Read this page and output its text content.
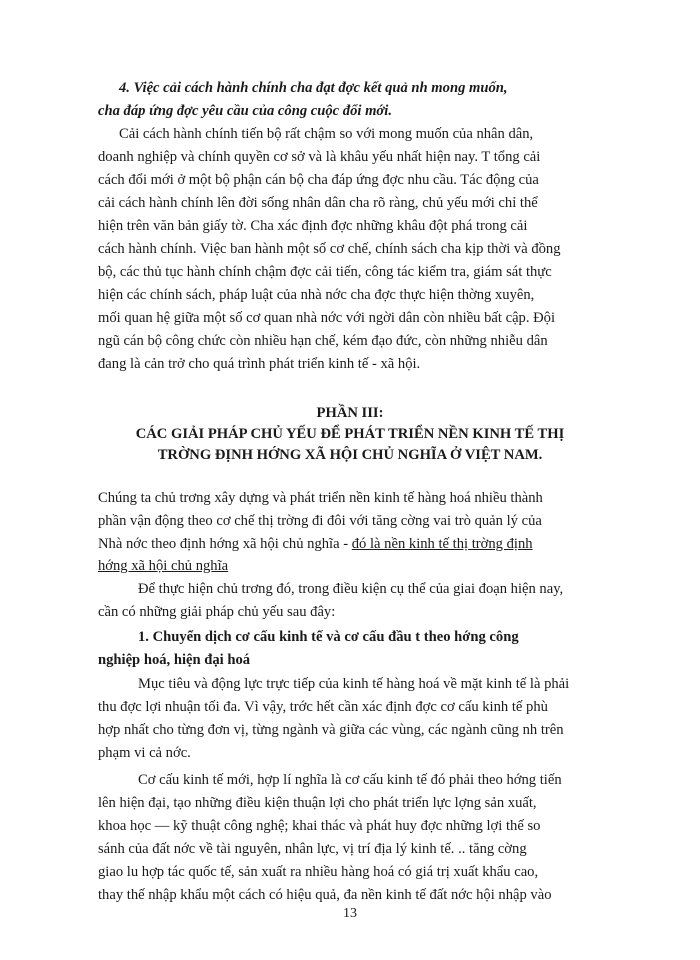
4. Việc cải cách hành chính cha đạt đợc kết quả nh mong muốn,
cha đáp ứng đợc yêu cầu của công cuộc đổi mới.
Cải cách hành chính tiến bộ rất chậm so với mong muốn của nhân dân,
doanh nghiệp và chính quyền cơ sở và là khâu yếu nhất hiện nay. T tổng cải
cách đổi mới ở một bộ phận cán bộ cha đáp ứng đợc nhu cầu. Tác động của
cải cách hành chính lên đời sống nhân dân cha rõ ràng, chủ yếu mới chỉ thể
hiện trên văn bản giấy tờ. Cha xác định đợc những khâu đột phá trong cải
cách hành chính. Việc ban hành một số cơ chế, chính sách cha kịp thời và đồng
bộ, các thủ tục hành chính chậm đợc cải tiến, công tác kiểm tra, giám sát thực
hiện các chính sách, pháp luật của nhà nớc cha đợc thực hiện thờng xuyên,
mối quan hệ giữa một số cơ quan nhà nớc với ngời dân còn nhiều bất cập. Đội
ngũ cán bộ công chức còn nhiều hạn chế, kém đạo đức, còn những nhiễu dân
đang là cản trở cho quá trình phát triển kinh tế - xã hội.
PHẦN III:
CÁC GIẢI PHÁP CHỦ YẾU ĐỂ PHÁT TRIỂN NỀN KINH TẾ THỊ
TRỜNG ĐỊNH HỚNG XÃ HỘI CHỦ NGHĨA Ở VIỆT NAM.
Chúng ta chủ trơng xây dựng và phát triển nền kinh tế hàng hoá nhiều thành
phần vận động theo cơ chế thị trờng đi đôi với tăng cờng vai trò quản lý của
Nhà nớc theo định hớng xã hội chủ nghĩa - đó là nền kinh tế thị trờng định
hớng xã hội chủ nghĩa
Để thực hiện chủ trơng đó, trong điều kiện cụ thể của giai đoạn hiện nay,
cần có những giải pháp chủ yếu sau đây:
1. Chuyển dịch cơ cấu kinh tế và cơ cấu đầu t theo hớng công
nghiệp hoá, hiện đại hoá
Mục tiêu và động lực trực tiếp của kinh tế hàng hoá về mặt kinh tế là phải
thu đợc lợi nhuận tối đa. Vì vậy, trớc hết cần xác định đợc cơ cấu kinh tế phù
hợp nhất cho từng đơn vị, từng ngành và giữa các vùng, các ngành cũng nh trên
phạm vi cả nớc.
Cơ cấu kinh tế mới, hợp lí nghĩa là cơ cấu kinh tế đó phải theo hớng tiến
lên hiện đại, tạo những điều kiện thuận lợi cho phát triển lực lợng sản xuất,
khoa học — kỹ thuật công nghệ; khai thác và phát huy đợc những lợi thế so
sánh của đất nớc về tài nguyên, nhân lực, vị trí địa lý kinh tế. .. tăng cờng
giao lu hợp tác quốc tế, sản xuất ra nhiều hàng hoá có giá trị xuất khẩu cao,
thay thế nhập khẩu một cách có hiệu quả, đa nền kinh tế đất nớc hội nhập vào
13
